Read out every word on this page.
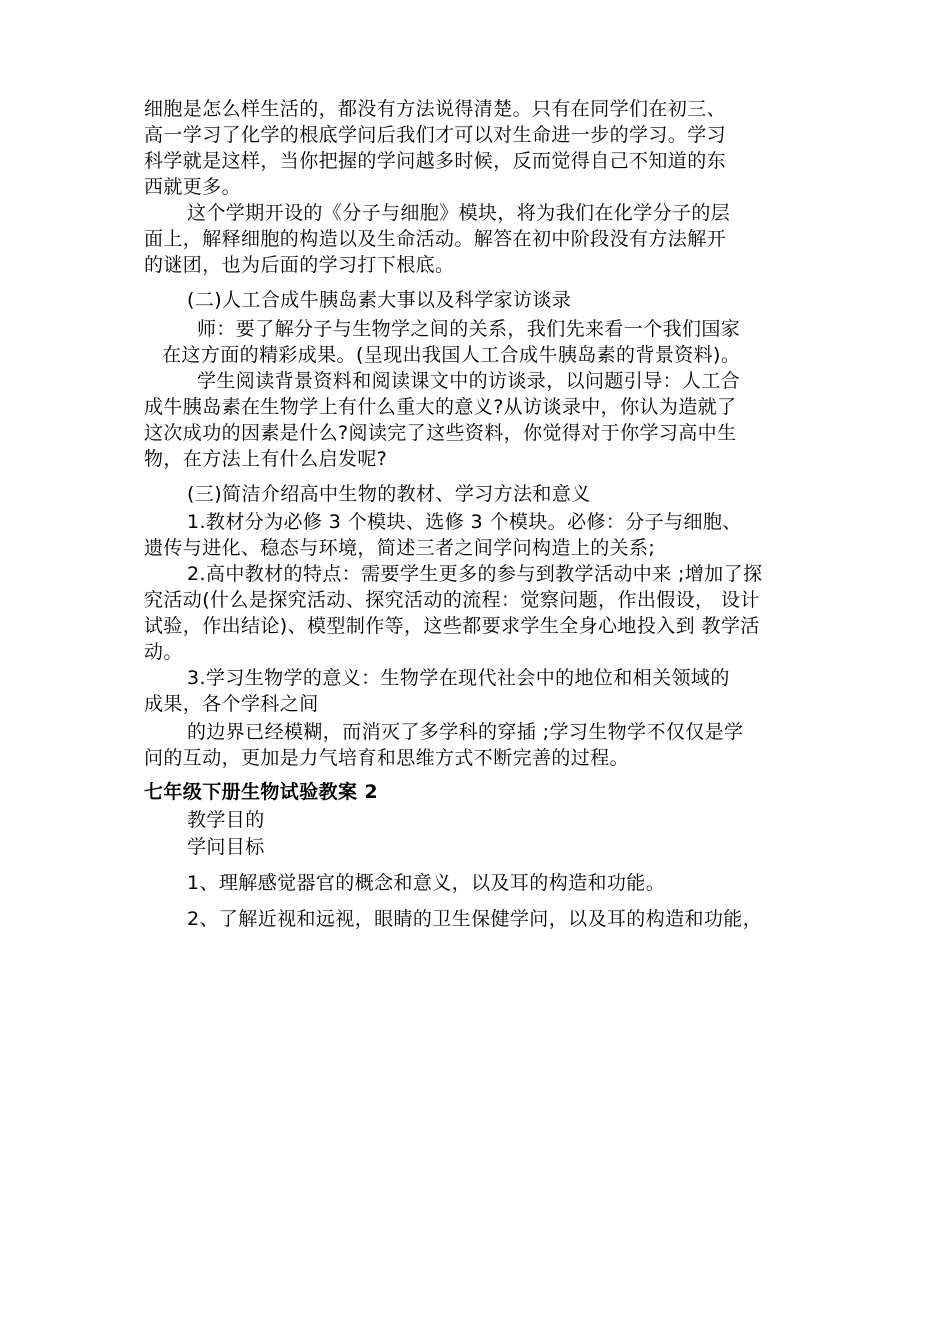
细胞是怎么样生活的，都没有方法说得清楚。只有在同学们在初三、
高一学习了化学的根底学问后我们才可以对生命进一步的学习。学习
科学就是这样，当你把握的学问越多时候，反而觉得自己不知道的东
西就更多。
这个学期开设的《分子与细胞》模块，将为我们在化学分子的层
面上，解释细胞的构造以及生命活动。解答在初中阶段没有方法解开
的谜团，也为后面的学习打下根底。
(二)人工合成牛胰岛素大事以及科学家访谈录
师：要了解分子与生物学之间的关系，我们先来看一个我们国家
在这方面的精彩成果。(呈现出我国人工合成牛胰岛素的背景资料)。
学生阅读背景资料和阅读课文中的访谈录，以问题引导：人工合
成牛胰岛素在生物学上有什么重大的意义?从访谈录中，你认为造就了
这次成功的因素是什么?阅读完了这些资料，你觉得对于你学习高中生
物，在方法上有什么启发呢?
(三)简洁介绍高中生物的教材、学习方法和意义
1.教材分为必修 3 个模块、选修 3 个模块。必修：分子与细胞、
遗传与进化、稳态与环境，简述三者之间学问构造上的关系;
2.高中教材的特点：需要学生更多的参与到教学活动中来 ;增加了探
究活动(什么是探究活动、探究活动的流程：觉察问题，作出假设， 设计
试验，作出结论)、模型制作等，这些都要求学生全身心地投入到 教学活
动。
3.学习生物学的意义：生物学在现代社会中的地位和相关领域的
成果，各个学科之间
的边界已经模糊，而消灭了多学科的穿插 ;学习生物学不仅仅是学
问的互动，更加是力气培育和思维方式不断完善的过程。
七年级下册生物试验教案 2
教学目的
学问目标
1、理解感觉器官的概念和意义，以及耳的构造和功能。
2、了解近视和远视，眼睛的卫生保健学问，以及耳的构造和功能，
